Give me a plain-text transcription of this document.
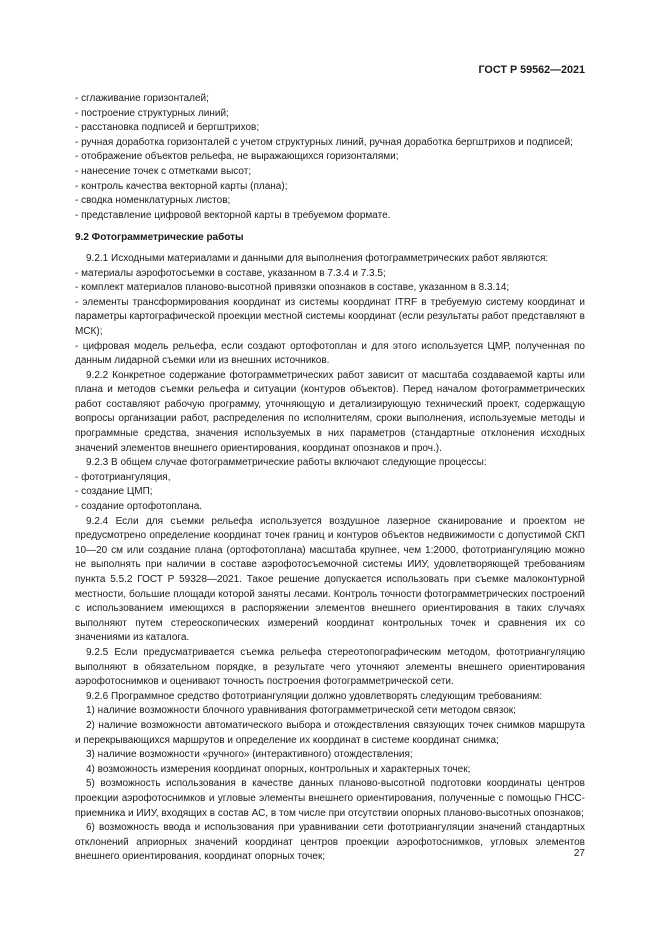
ГОСТ Р 59562—2021

- сглаживание горизонталей;

- построение структурных линий;

- расстановка подписей и бергштрихов;

- ручная доработка горизонталей с учетом структурных линий, ручная доработка бергштрихов и подписей;

- отображение объектов рельефа, не выражающихся горизонталями;

- нанесение точек с отметками высот;

- контроль качества векторной карты (плана);

- сводка номенклатурных листов;

- представление цифровой векторной карты в требуемом формате.

9.2 Фотограмметрические работы

9.2.1 Исходными материалами и данными для выполнения фотограмметрических работ являются:

- материалы аэрофотосъемки в составе, указанном в 7.3.4 и 7.3.5;

- комплект материалов планово-высотной привязки опознаков в составе, указанном в 8.3.14;

- элементы трансформирования координат из системы координат ITRF в требуемую систему координат и параметры картографической проекции местной системы координат (если результаты работ представляют в МСК);

- цифровая модель рельефа, если создают ортофотоплан и для этого используется ЦМР, полученная по данным лидарной съемки или из внешних источников.

9.2.2 Конкретное содержание фотограмметрических работ зависит от масштаба создаваемой карты или плана и методов съемки рельефа и ситуации (контуров объектов). Перед началом фотограмметрических работ составляют рабочую программу, уточняющую и детализирующую технический проект, содержащую вопросы организации работ, распределения по исполнителям, сроки выполнения, используемые методы и программные средства, значения используемых в них параметров (стандартные отклонения исходных значений элементов внешнего ориентирования, координат опознаков и проч.).

9.2.3 В общем случае фотограмметрические работы включают следующие процессы:

- фототриангуляция,

- создание ЦМП;

- создание ортофотоплана.

9.2.4 Если для съемки рельефа используется воздушное лазерное сканирование и проектом не предусмотрено определение координат точек границ и контуров объектов недвижимости с допустимой СКП 10—20 см или создание плана (ортофотоплана) масштаба крупнее, чем 1:2000, фототриангуляцию можно не выполнять при наличии в составе аэрофотосъемочной системы ИИУ, удовлетворяющей требованиям пункта 5.5.2 ГОСТ Р 59328—2021. Такое решение допускается использовать при съемке малоконтурной местности, большие площади которой заняты лесами. Контроль точности фотограмметрических построений с использованием имеющихся в распоряжении элементов внешнего ориентирования в таких случаях выполняют путем стереоскопических измерений координат контрольных точек и сравнения их со значениями из каталога.

9.2.5 Если предусматривается съемка рельефа стереотопографическим методом, фототриангуляцию выполняют в обязательном порядке, в результате чего уточняют элементы внешнего ориентирования аэрофотоснимков и оценивают точность построения фотограмметрической сети.

9.2.6 Программное средство фототриангуляции должно удовлетворять следующим требованиям:

1) наличие возможности блочного уравнивания фотограмметрической сети методом связок;

2) наличие возможности автоматического выбора и отождествления связующих точек снимков маршрута и перекрывающихся маршрутов и определение их координат в системе координат снимка;

3) наличие возможности «ручного» (интерактивного) отождествления;

4) возможность измерения координат опорных, контрольных и характерных точек;

5) возможность использования в качестве данных планово-высотной подготовки координаты центров проекции аэрофотоснимков и угловые элементы внешнего ориентирования, полученные с помощью ГНСС-приемника и ИИУ, входящих в состав АС, в том числе при отсутствии опорных планово-высотных опознаков;

6) возможность ввода и использования при уравнивании сети фототриангуляции значений стандартных отклонений априорных значений координат центров проекции аэрофотоснимков, угловых элементов внешнего ориентирования, координат опорных точек;	27
